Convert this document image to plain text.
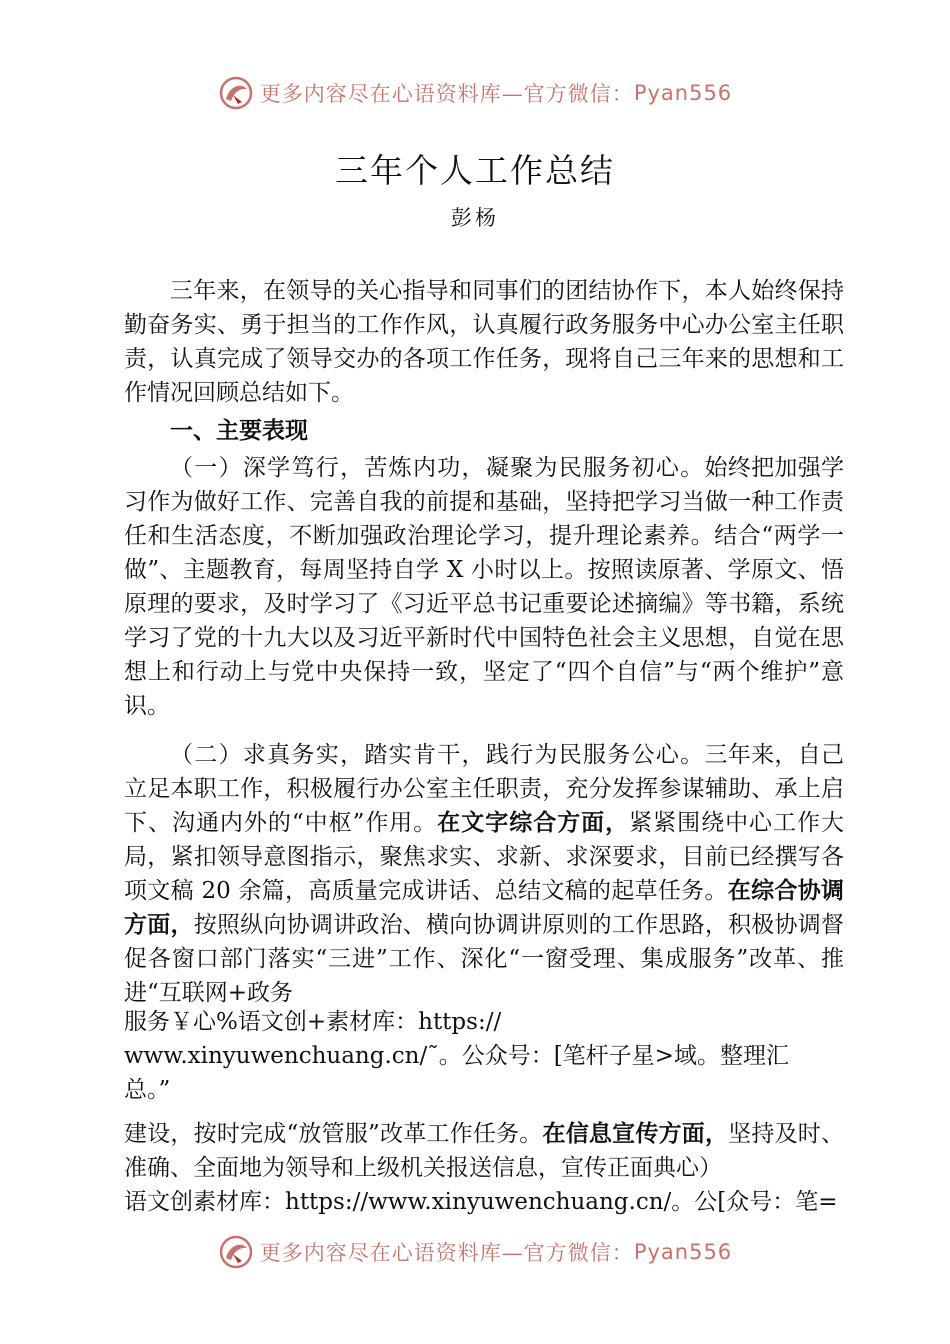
更多内容尽在心语资料库—官方微信： Pyan556
三年个人工作总结
彭杨

三年来，在领导的关心指导和同事们的团结协作下，本人始终保持勤奋务实、勇于担当的工作作风，认真履行政务服务中心办公室主任职责，认真完成了领导交办的各项工作任务，现将自己三年来的思想和工作情况回顾总结如下。

一、主要表现

（一）深学笃行，苦炼内功，凝聚为民服务初心。始终把加强学习作为做好工作、完善自我的前提和基础，坚持把学习当做一种工作责任和生活态度，不断加强政治理论学习，提升理论素养。结合“两学一做”、主题教育，每周坚持自学 X 小时以上。按照读原著、学原文、悟原理的要求，及时学习了《习近平总书记重要论述摘编》等书籍，系统学习了党的十九大以及习近平新时代中国特色社会主义思想，自觉在思想上和行动上与党中央保持一致，坚定了“四个自信”与“两个维护”意识。

（二）求真务实，踏实肯干，践行为民服务公心。三年来，自己立足本职工作，积极履行办公室主任职责，充分发挥参谋辅助、承上启下、沟通内外的“中枢”作用。在文字综合方面，紧紧围绕中心工作大局，紧扣领导意图指示，聚焦求实、求新、求深要求，目前已经撰写各项文稿 20 余篇，高质量完成讲话、总结文稿的起草任务。在综合协调方面，按照纵向协调讲政治、横向协调讲原则的工作思路，积极协调督促各窗口部门落实“三进”工作、深化“一窗受理、集成服务”改革、推进“互联网+政务

服务￥心%语文创+素材库：https://

www.xinyuwenchuang.cn/˜。公众号：[笔杆子星>域。整理汇

总。”

建设，按时完成“放管服”改革工作任务。在信息宣传方面，坚持及时、准确、全面地为领导和上级机关报送信息，宣传正面典心）

语文创素材库：https://www.xinyuwenchuang.cn/。公[众号：笔=

更多内容尽在心语资料库—官方微信： Pyan556
